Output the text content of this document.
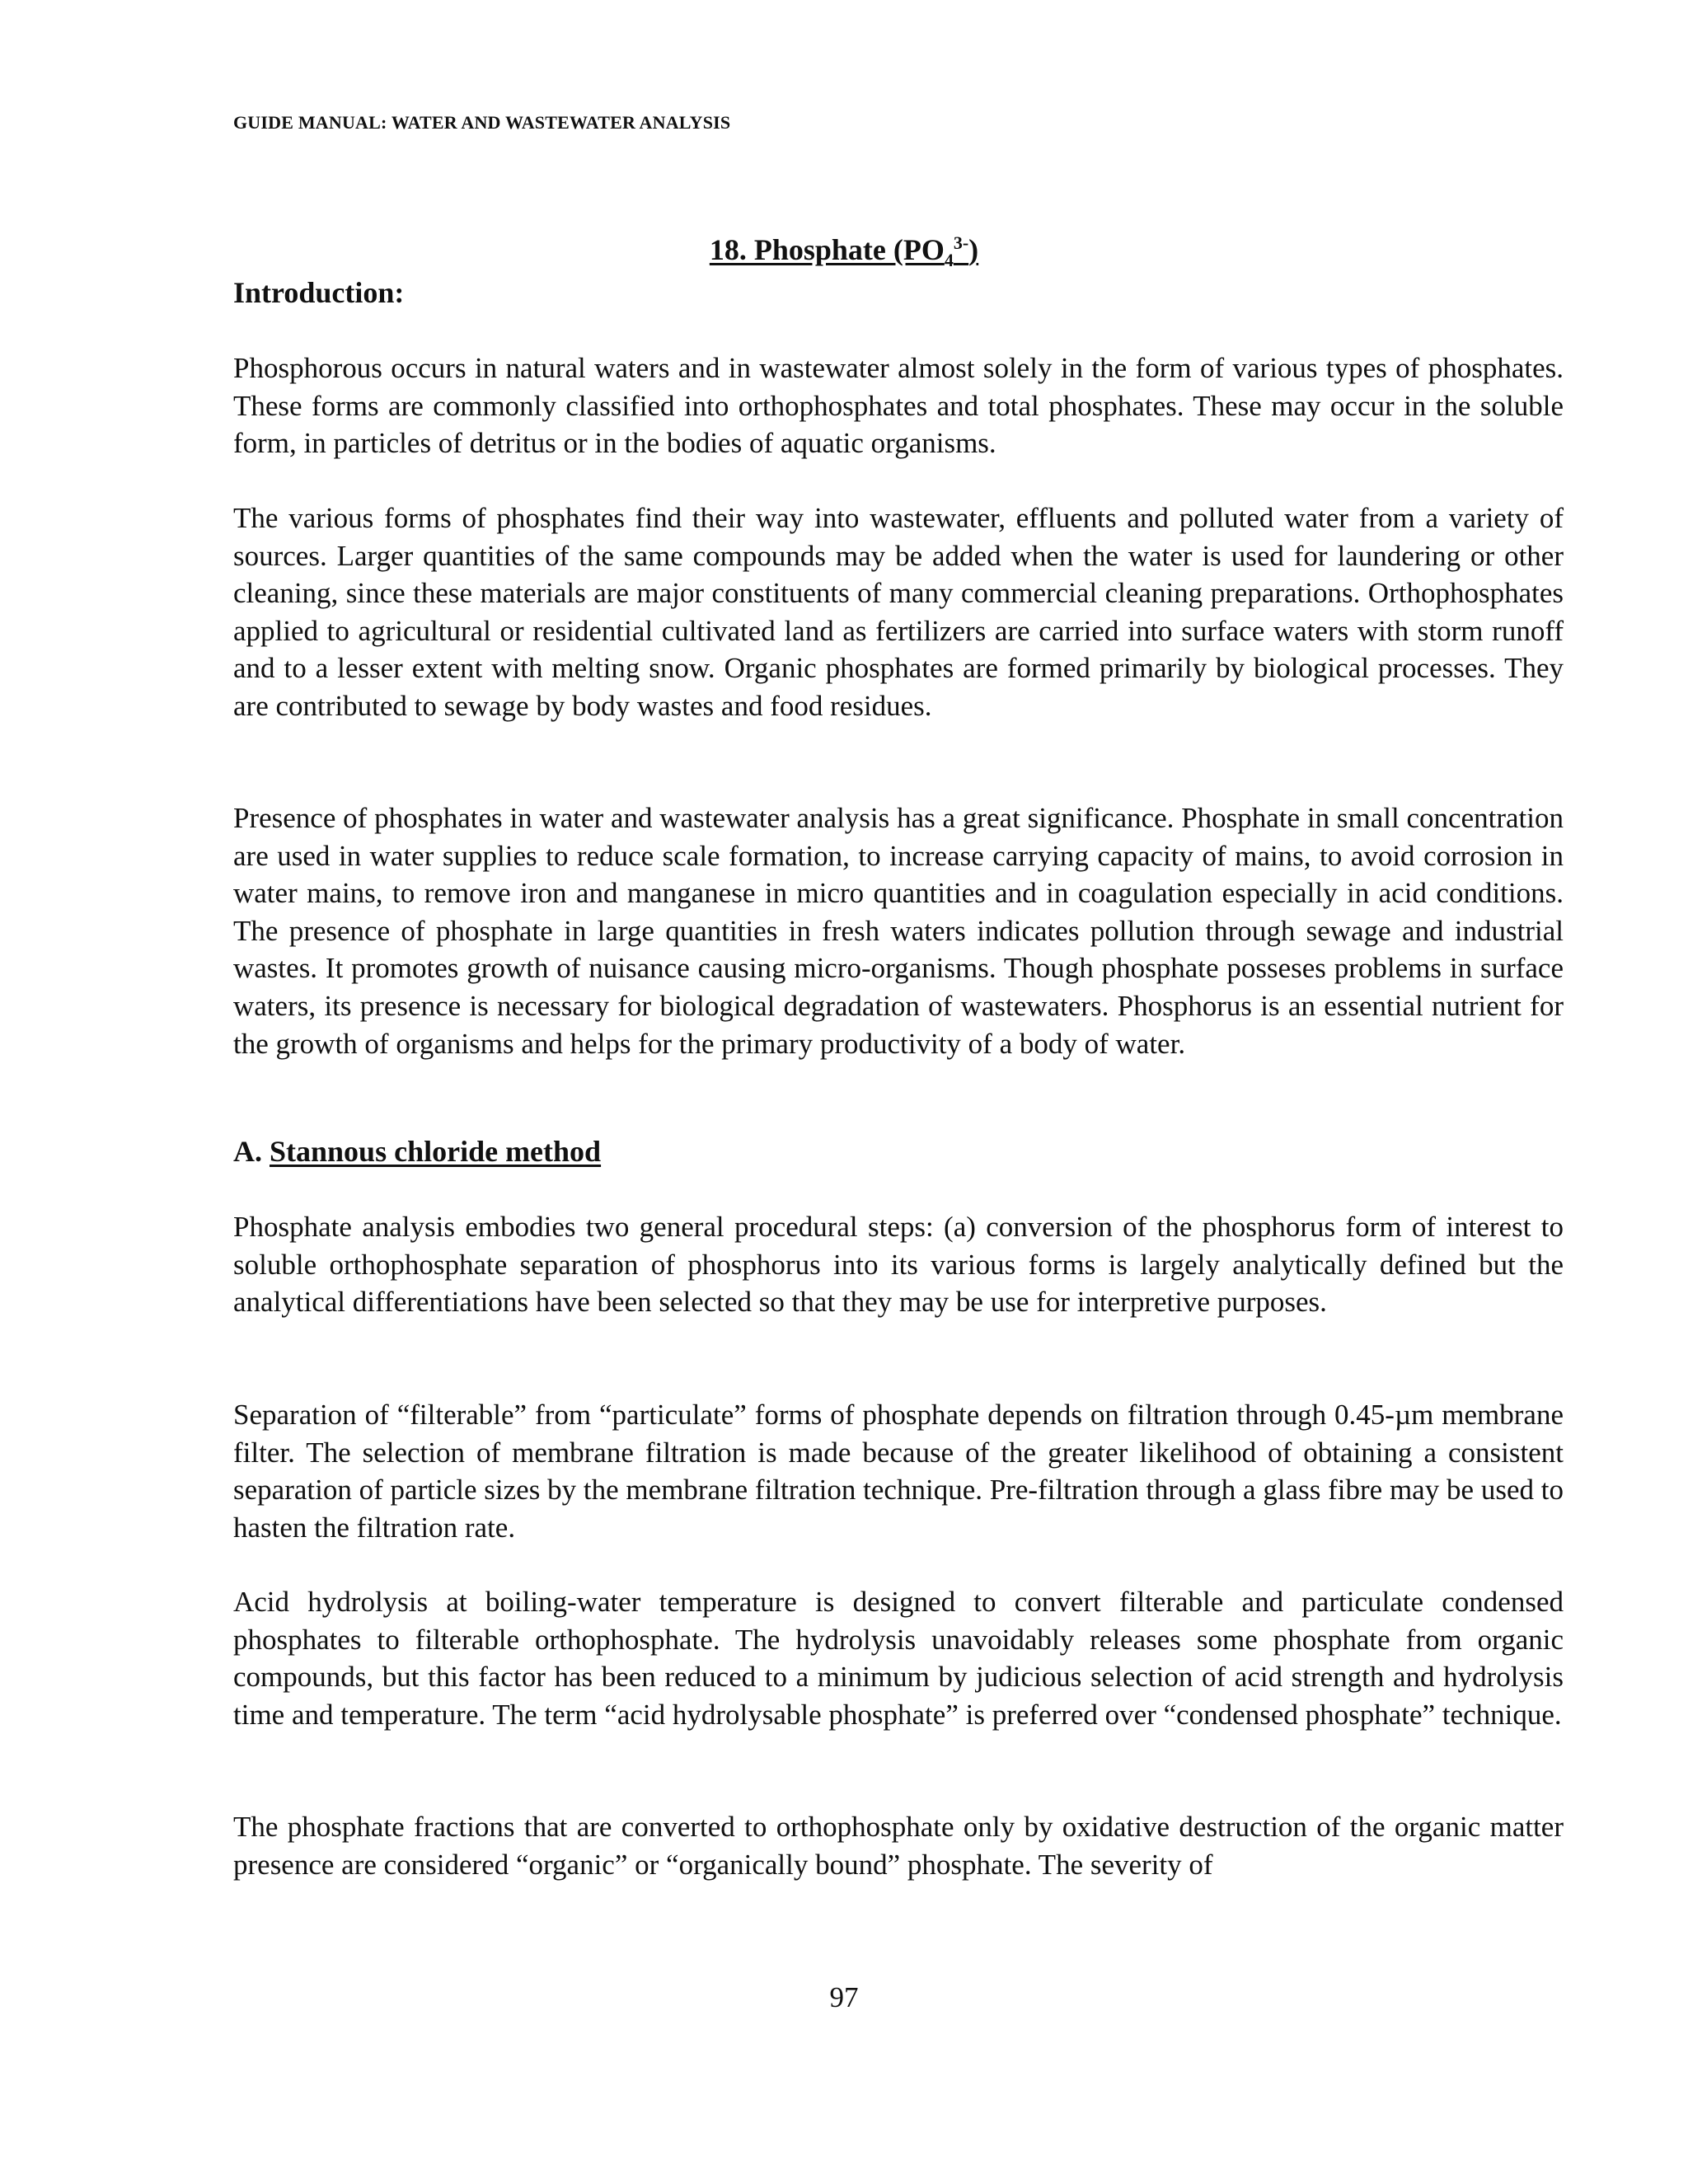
GUIDE MANUAL: WATER AND WASTEWATER ANALYSIS
18. Phosphate $(PO_4^{3-})$
Introduction:

Phosphorous occurs in natural waters and in wastewater almost solely in the form of various types of phosphates. These forms are commonly classified into orthophosphates and total phosphates. These may occur in the soluble form, in particles of detritus or in the bodies of aquatic organisms.

The various forms of phosphates find their way into wastewater, effluents and polluted water from a variety of sources. Larger quantities of the same compounds may be added when the water is used for laundering or other cleaning, since these materials are major constituents of many commercial cleaning preparations. Orthophosphates applied to agricultural or residential cultivated land as fertilizers are carried into surface waters with storm runoff and to a lesser extent with melting snow. Organic phosphates are formed primarily by biological processes. They are contributed to sewage by body wastes and food residues.

Presence of phosphates in water and wastewater analysis has a great significance. Phosphate in small concentration are used in water supplies to reduce scale formation, to increase carrying capacity of mains, to avoid corrosion in water mains, to remove iron and manganese in micro quantities and in coagulation especially in acid conditions. The presence of phosphate in large quantities in fresh waters indicates pollution through sewage and industrial wastes. It promotes growth of nuisance causing micro-organisms. Though phosphate posseses problems in surface waters, its presence is necessary for biological degradation of wastewaters. Phosphorus is an essential nutrient for the growth of organisms and helps for the primary productivity of a body of water.

A. Stannous chloride method

Phosphate analysis embodies two general procedural steps: (a) conversion of the phosphorus form of interest to soluble orthophosphate separation of phosphorus into its various forms is largely analytically defined but the analytical differentiations have been selected so that they may be use for interpretive purposes.

Separation of “filterable” from “particulate” forms of phosphate depends on filtration through 0.45-µm membrane filter. The selection of membrane filtration is made because of the greater likelihood of obtaining a consistent separation of particle sizes by the membrane filtration technique. Pre-filtration through a glass fibre may be used to hasten the filtration rate.

Acid hydrolysis at boiling-water temperature is designed to convert filterable and particulate condensed phosphates to filterable orthophosphate. The hydrolysis unavoidably releases some phosphate from organic compounds, but this factor has been reduced to a minimum by judicious selection of acid strength and hydrolysis time and temperature. The term “acid hydrolysable phosphate” is preferred over “condensed phosphate” technique.

The phosphate fractions that are converted to orthophosphate only by oxidative destruction of the organic matter presence are considered “organic” or “organically bound” phosphate. The severity of

97
